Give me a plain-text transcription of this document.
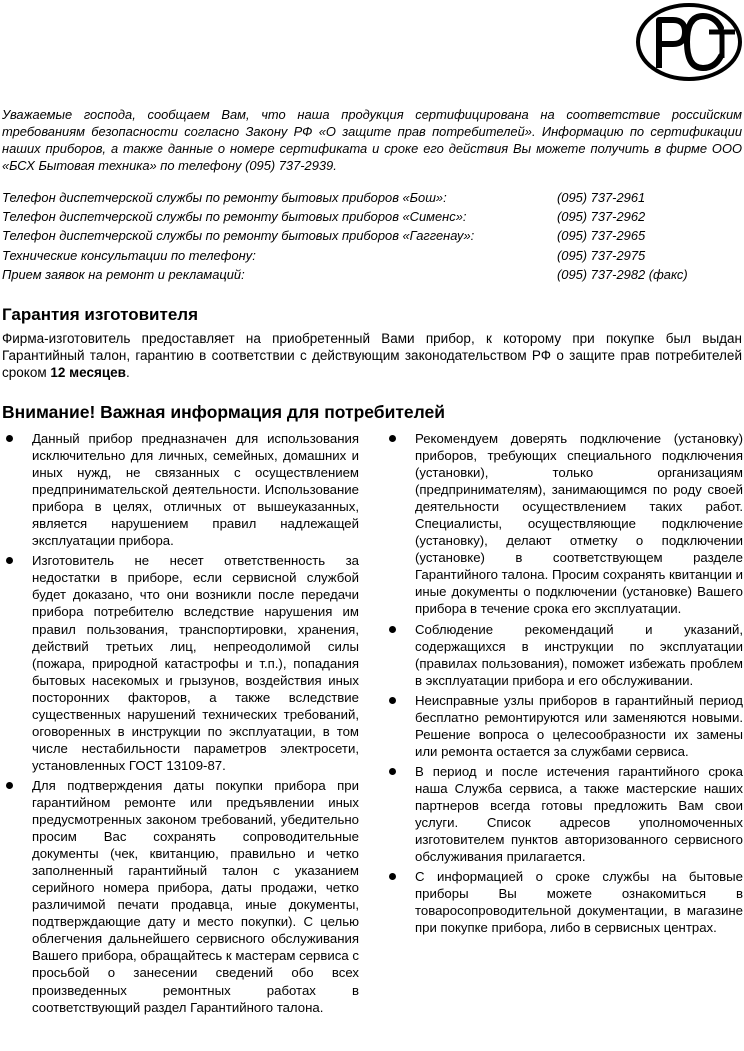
Уважаемые господа, сообщаем Вам, что наша продукция сертифицирована на соответствие российским требованиям безопасности согласно Закону РФ «О защите прав потребителей». Информацию по сертификации наших приборов, а также данные о номере сертификата и сроке его действия Вы можете получить в фирме ООО «БСХ Бытовая техника» по телефону (095) 737-2939.
Телефон диспетчерской службы по ремонту бытовых приборов «Бош»:	(095) 737-2961
Телефон диспетчерской службы по ремонту бытовых приборов «Сименс»:	(095) 737-2962
Телефон диспетчерской службы по ремонту бытовых приборов «Гаггенау»:	(095) 737-2965
Технические консультации по телефону:	(095) 737-2975
Прием заявок на ремонт и рекламаций:	(095) 737-2982 (факс)
Гарантия изготовителя
Фирма-изготовитель предоставляет на приобретенный Вами прибор, к которому при покупке был выдан Гарантийный талон, гарантию в соответствии с действующим законодательством РФ о защите прав потребителей сроком 12 месяцев.
Внимание! Важная информация для потребителей
Данный прибор предназначен для использования исключительно для личных, семейных, домашних и иных нужд, не связанных с осуществлением предпринимательской деятельности. Использование прибора в целях, отличных от вышеуказанных, является нарушением правил надлежащей эксплуатации прибора.
Изготовитель не несет ответственность за недостатки в приборе, если сервисной службой будет доказано, что они возникли после передачи прибора потребителю вследствие нарушения им правил пользования, транспортировки, хранения, действий третьих лиц, непреодолимой силы (пожара, природной катастрофы и т.п.), попадания бытовых насекомых и грызунов, воздействия иных посторонних факторов, а также вследствие существенных нарушений технических требований, оговоренных в инструкции по эксплуатации, в том числе нестабильности параметров электросети, установленных ГОСТ 13109-87.
Для подтверждения даты покупки прибора при гарантийном ремонте или предъявлении иных предусмотренных законом требований, убедительно просим Вас сохранять сопроводительные документы (чек, квитанцию, правильно и четко заполненный гарантийный талон с указанием серийного номера прибора, даты продажи, четко различимой печати продавца, иные документы, подтверждающие дату и место покупки). С целью облегчения дальнейшего сервисного обслуживания Вашего прибора, обращайтесь к мастерам сервиса с просьбой о занесении сведений обо всех произведенных ремонтных работах в соответствующий раздел Гарантийного талона.
Рекомендуем доверять подключение (установку) приборов, требующих специального подключения (установки), только организациям (предпринимателям), занимающимся по роду своей деятельности осуществлением таких работ. Специалисты, осуществляющие подключение (установку), делают отметку о подключении (установке) в соответствующем разделе Гарантийного талона. Просим сохранять квитанции и иные документы о подключении (установке) Вашего прибора в течение срока его эксплуатации.
Соблюдение рекомендаций и указаний, содержащихся в инструкции по эксплуатации (правилах пользования), поможет избежать проблем в эксплуатации прибора и его обслуживании.
Неисправные узлы приборов в гарантийный период бесплатно ремонтируются или заменяются новыми. Решение вопроса о целесообразности их замены или ремонта остается за службами сервиса.
В период и после истечения гарантийного срока наша Служба сервиса, а также мастерские наших партнеров всегда готовы предложить Вам свои услуги. Список адресов уполномоченных изготовителем пунктов авторизованного сервисного обслуживания прилагается.
С информацией о сроке службы на бытовые приборы Вы можете ознакомиться в товаросопроводительной документации, в магазине при покупке прибора, либо в сервисных центрах.
